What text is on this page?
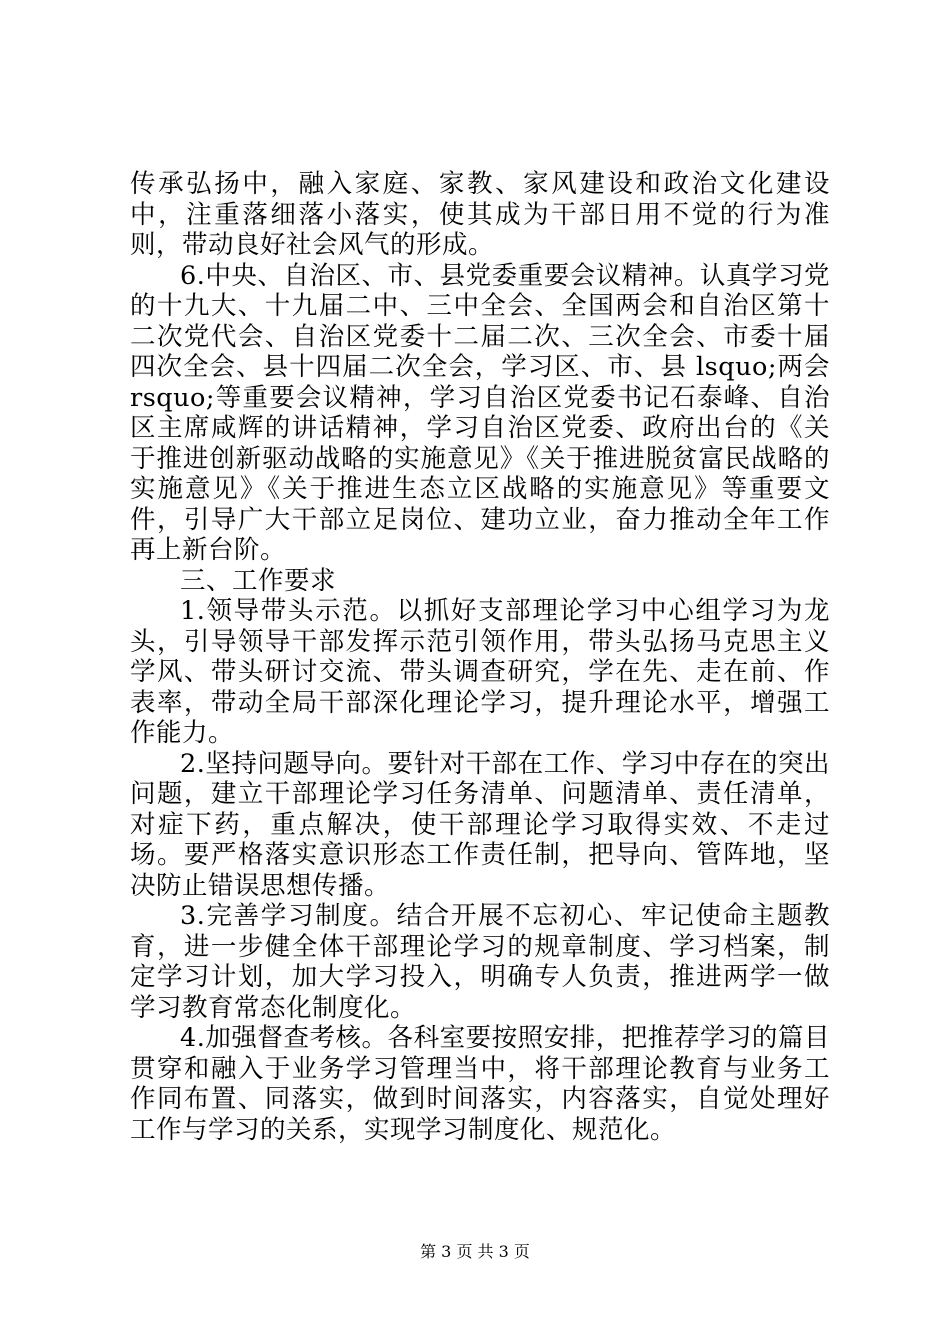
传承弘扬中，融入家庭、家教、家风建设和政治文化建设中，注重落细落小落实，使其成为干部日用不觉的行为准则，带动良好社会风气的形成。

6.中央、自治区、市、县党委重要会议精神。认真学习党的十九大、十九届二中、三中全会、全国两会和自治区第十二次党代会、自治区党委十二届二次、三次全会、市委十届四次全会、县十四届二次全会，学习区、市、县 lsquo;两会 rsquo;等重要会议精神，学习自治区党委书记石泰峰、自治区主席咸辉的讲话精神，学习自治区党委、政府出台的《关于推进创新驱动战略的实施意见》《关于推进脱贫富民战略的实施意见》《关于推进生态立区战略的实施意见》等重要文件，引导广大干部立足岗位、建功立业，奋力推动全年工作再上新台阶。

三、工作要求

1.领导带头示范。以抓好支部理论学习中心组学习为龙头，引导领导干部发挥示范引领作用，带头弘扬马克思主义学风、带头研讨交流、带头调查研究，学在先、走在前、作表率，带动全局干部深化理论学习，提升理论水平，增强工作能力。

2.坚持问题导向。要针对干部在工作、学习中存在的突出问题，建立干部理论学习任务清单、问题清单、责任清单，对症下药，重点解决，使干部理论学习取得实效、不走过场。要严格落实意识形态工作责任制，把导向、管阵地，坚决防止错误思想传播。

3.完善学习制度。结合开展不忘初心、牢记使命主题教育，进一步健全体干部理论学习的规章制度、学习档案，制定学习计划，加大学习投入，明确专人负责，推进两学一做学习教育常态化制度化。

4.加强督查考核。各科室要按照安排，把推荐学习的篇目贯穿和融入于业务学习管理当中，将干部理论教育与业务工作同布置、同落实，做到时间落实，内容落实，自觉处理好工作与学习的关系，实现学习制度化、规范化。

第 3 页 共 3 页
